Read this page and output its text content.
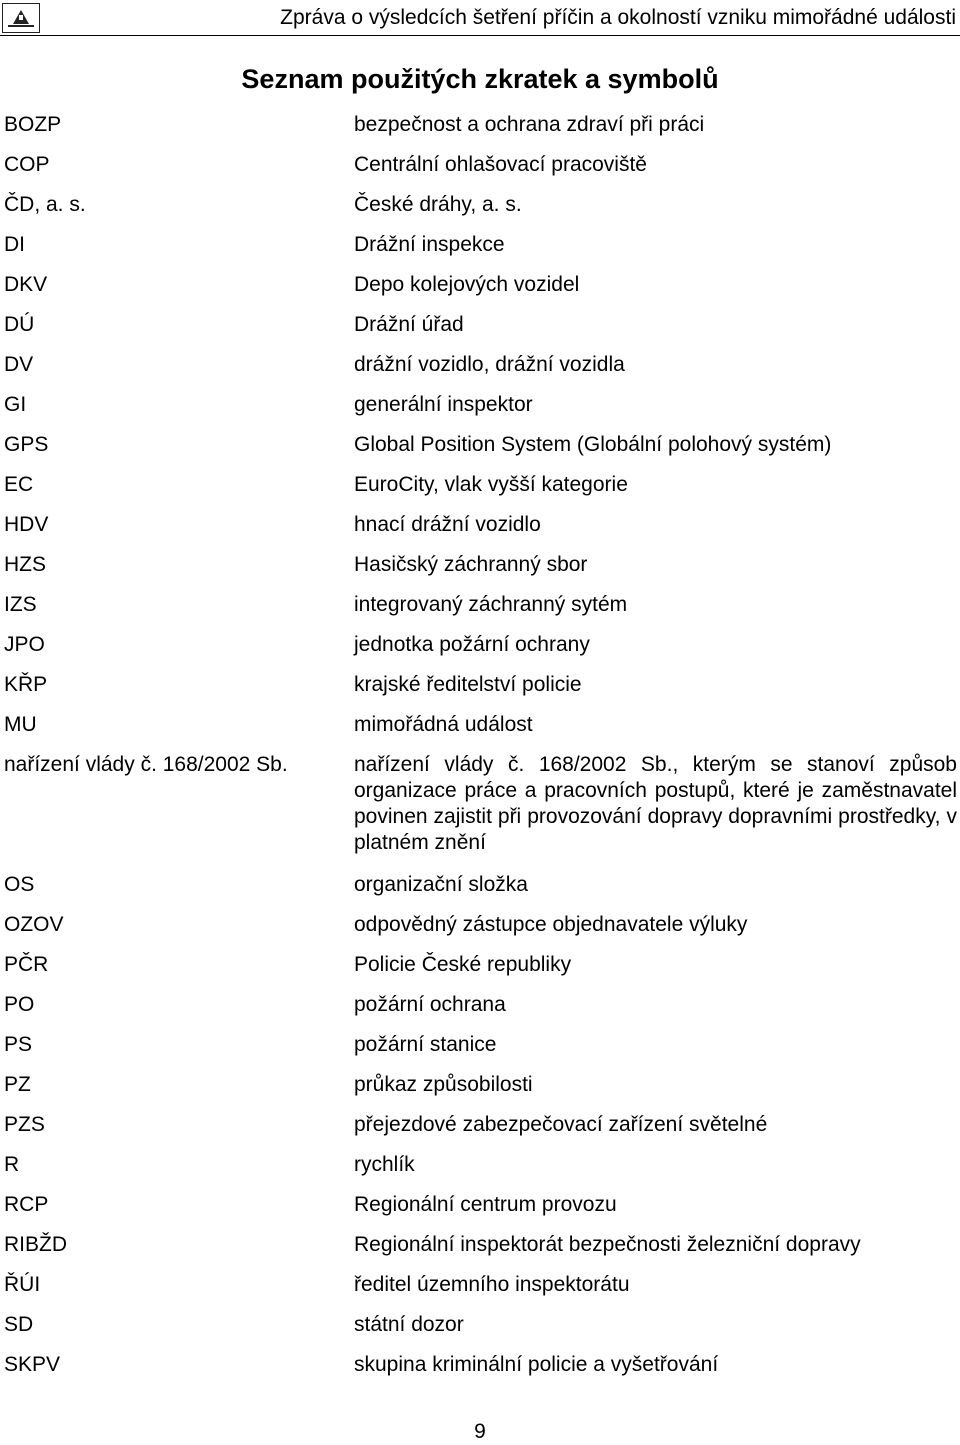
Zpráva o výsledcích šetření příčin a okolností vzniku mimořádné události
Seznam použitých zkratek a symbolů
BOZP	bezpečnost a ochrana zdraví při práci
COP	Centrální ohlašovací pracoviště
ČD, a. s.	České dráhy, a. s.
DI	Drážní inspekce
DKV	Depo kolejových vozidel
DÚ	Drážní úřad
DV	drážní vozidlo, drážní vozidla
GI	generální inspektor
GPS	Global Position System (Globální polohový systém)
EC	EuroCity, vlak vyšší kategorie
HDV	hnací drážní vozidlo
HZS	Hasičský záchranný sbor
IZS	integrovaný záchranný sytém
JPO	jednotka požární ochrany
KŘP	krajské ředitelství policie
MU	mimořádná událost
nařízení vlády č. 168/2002 Sb.	nařízení vlády č. 168/2002 Sb., kterým se stanoví způsob organizace práce a pracovních postupů, které je zaměstnavatel povinen zajistit při provozování dopravy dopravními prostředky, v platném znění
OS	organizační složka
OZOV	odpovědný zástupce objednavatele výluky
PČR	Policie České republiky
PO	požární ochrana
PS	požární stanice
PZ	průkaz způsobilosti
PZS	přejezdové zabezpečovací zařízení světelné
R	rychlík
RCP	Regionální centrum provozu
RIBŽD	Regionální inspektorát bezpečnosti železniční dopravy
ŘÚI	ředitel územního inspektorátu
SD	státní dozor
SKPV	skupina kriminální policie a vyšetřování
9
